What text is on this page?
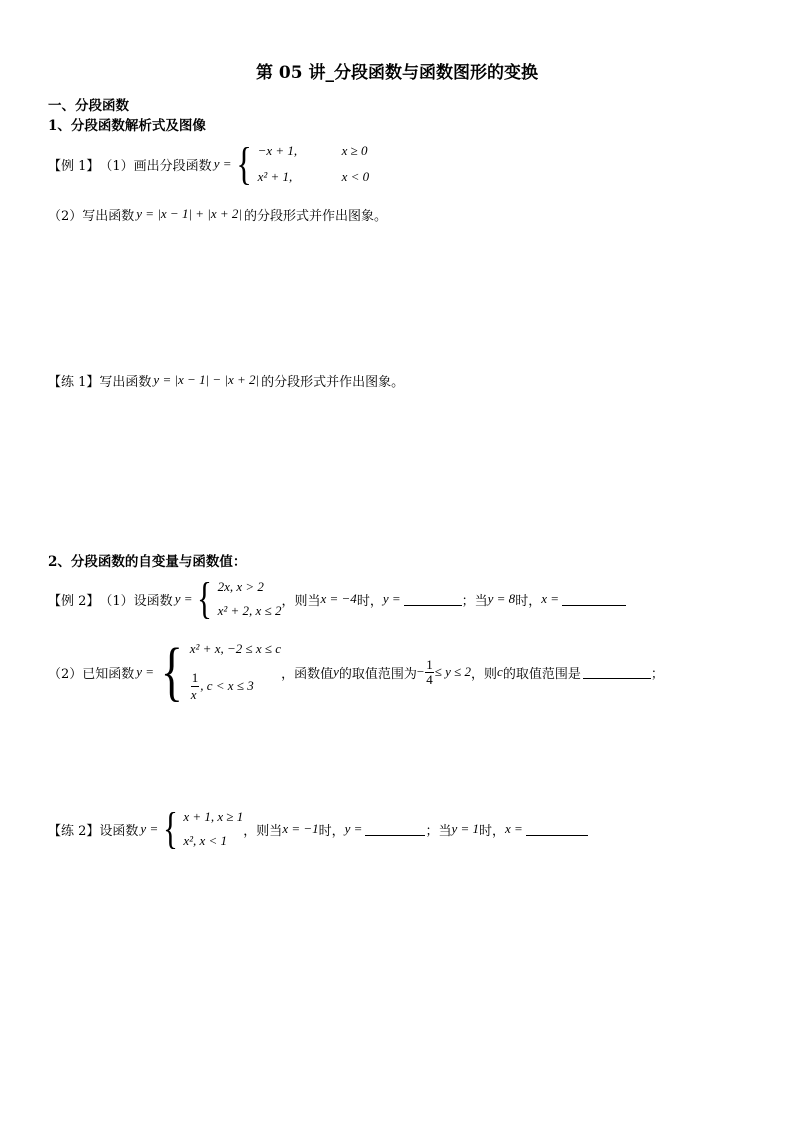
第 05 讲_分段函数与函数图形的变换
一、分段函数
1、分段函数解析式及图像
【例 1】 （1）画出分段函数 y = { −x + 1,	x ≥ 0
x² + 1,	x < 0
（2）写出函数 y = |x − 1| + |x + 2| 的分段形式并作出图象。
【练 1】 写出函数 y = |x − 1| − |x + 2| 的分段形式并作出图象。
2、分段函数的自变量与函数值：
【例 2】 （1）设函数 y = { 2x, x > 2
x² + 2, x ≤ 2
，则当 x = −4 时， y =	；当 y = 8 时， x =
（2）已知函数 y = { x² + x, −2 ≤ x ≤ c
$\frac{1}{x}$ , c < x ≤ 3
，函数值 y 的取值范围为 − $\frac{1}{4} \le y \le 2$ ，则 c 的取值范围是	；
【练 2】 设函数 y = { x + 1, x ≥ 1
x², x < 1
，则当 x = −1 时， y =	；当 y = 1 时， x =
